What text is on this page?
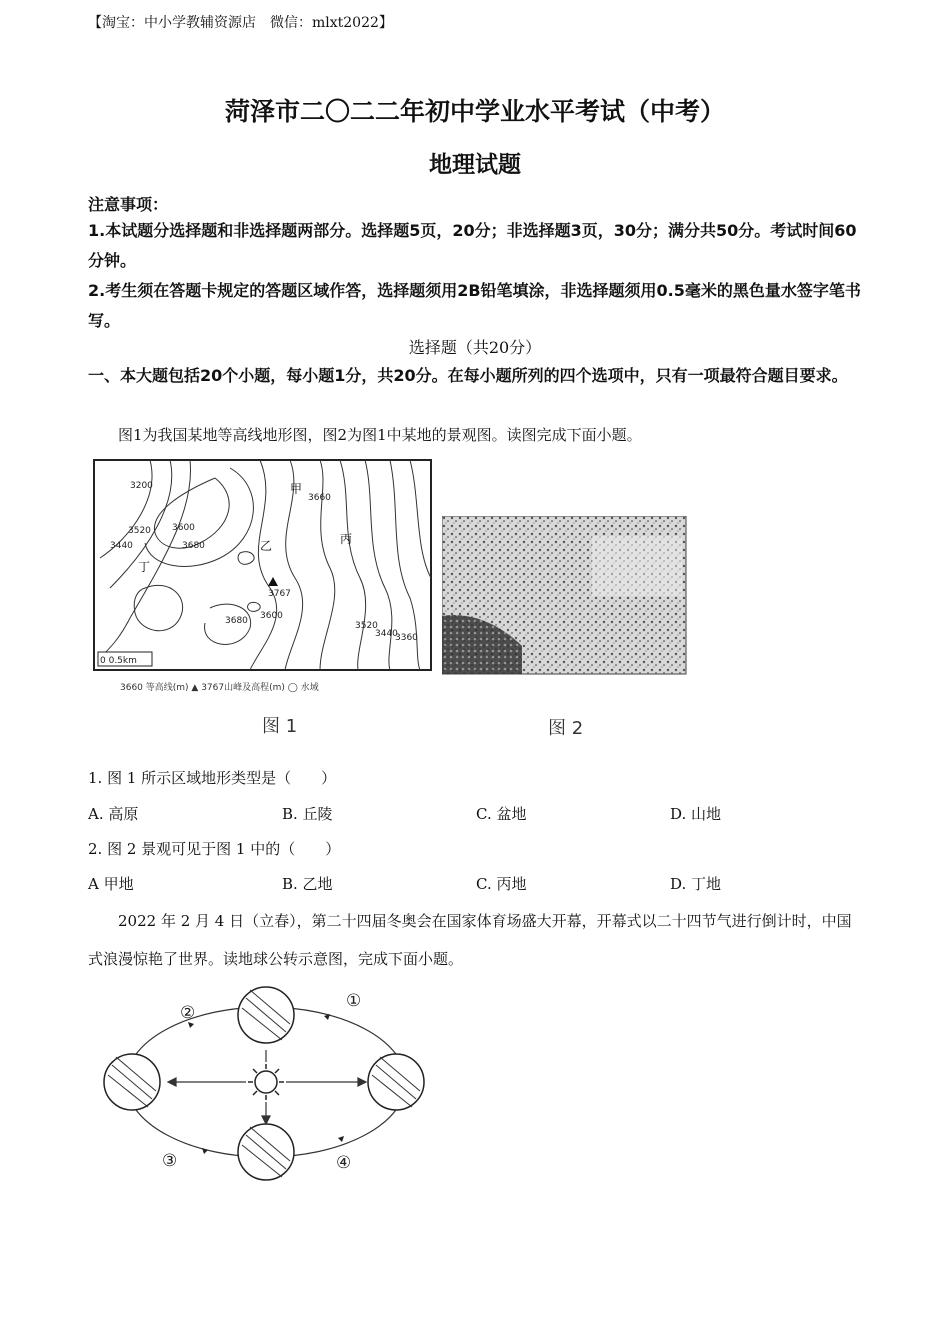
【淘宝：中小学教辅资源店　微信：mlxt2022】
菏泽市二〇二二年初中学业水平考试（中考）
地理试题
注意事项：
1.本试题分选择题和非选择题两部分。选择题5页，20分；非选择题3页，30分；满分共50分。考试时间60分钟。
2.考生须在答题卡规定的答题区域作答，选择题须用2B铅笔填涂，非选择题须用0.5毫米的黑色量水签字笔书写。
选择题（共20分）
一、本大题包括20个小题，每小题1分，共20分。在每小题所列的四个选项中，只有一项最符合题目要求。
图1为我国某地等高线地形图，图2为图1中某地的景观图。读图完成下面小题。
3200
3440
3520 3600
3680
3680 3600
3520
3440
3360
3660
甲
乙	丙
丁
3767
0 0.5km
3660 等高线(m) ▲ 3767山峰及高程(m) ◯ 水域
图 1	图 2
1. 图 1 所示区域地形类型是（　　）
A. 高原	B. 丘陵	C. 盆地	D. 山地
2. 图 2 景观可见于图 1 中的（　　）
A 甲地	B. 乙地	C. 丙地	D. 丁地
2022 年 2 月 4 日（立春），第二十四届冬奥会在国家体育场盛大开幕，开幕式以二十四节气进行倒计时，中国式浪漫惊艳了世界。读地球公转示意图，完成下面小题。
①
②
③	④
